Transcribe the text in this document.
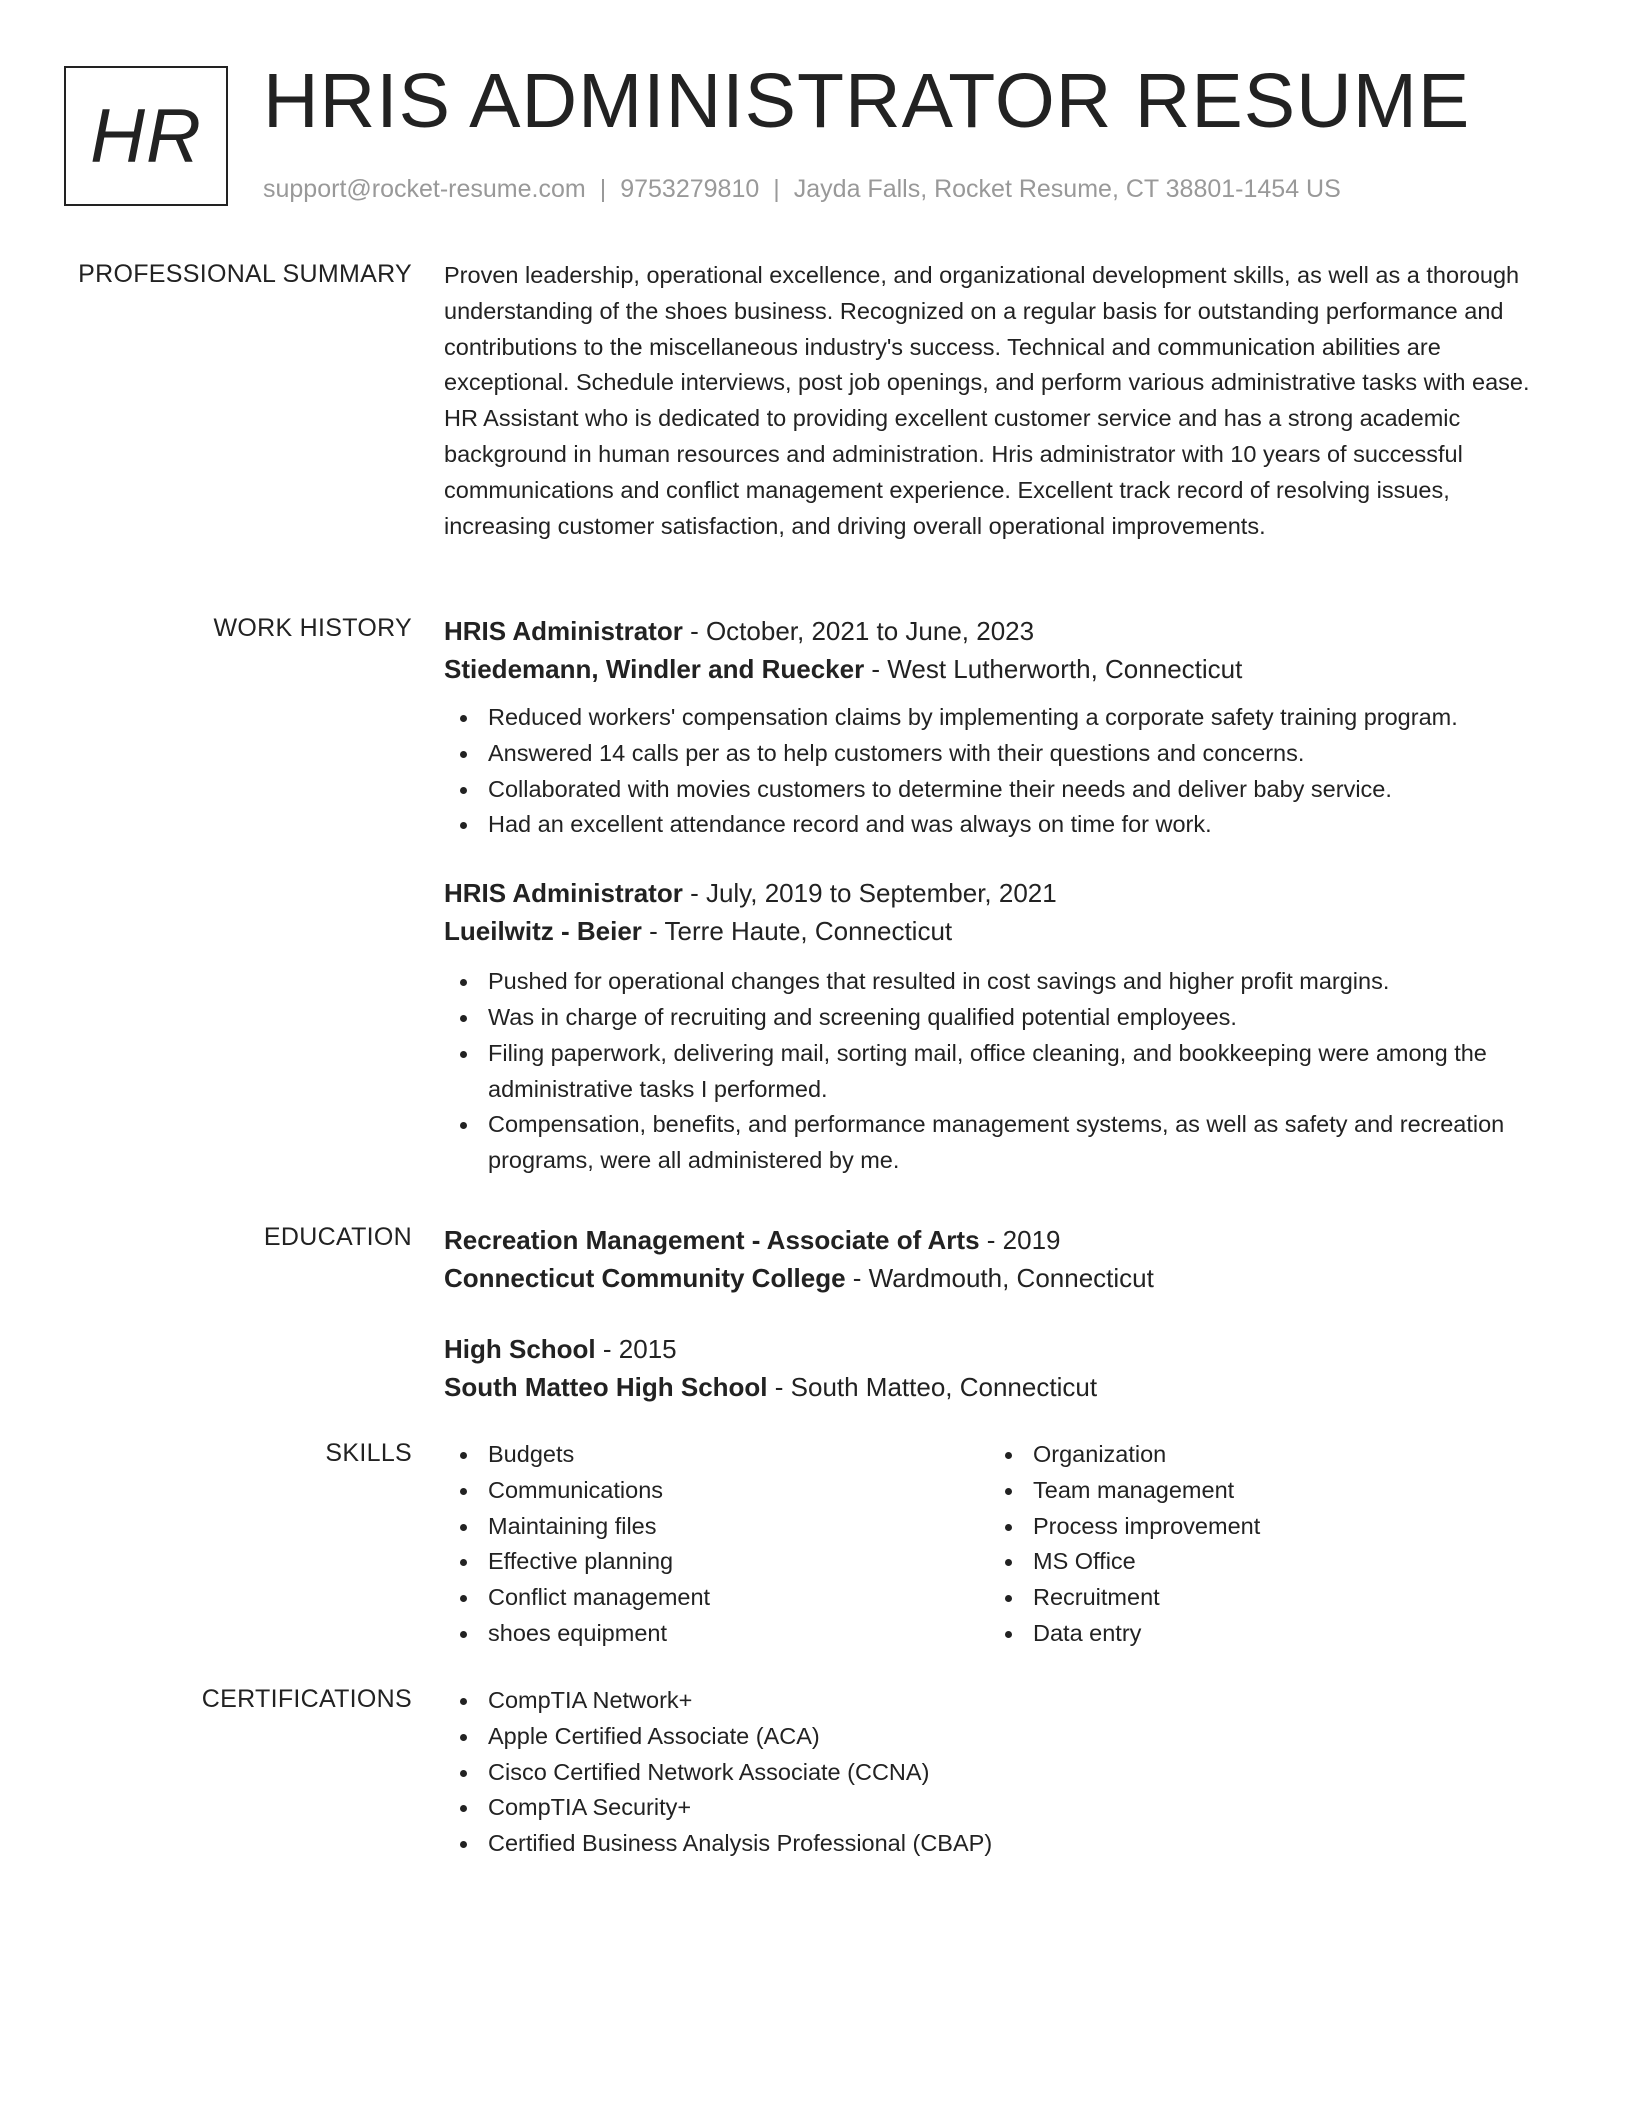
HR HRIS ADMINISTRATOR RESUME
support@rocket-resume.com | 9753279810 | Jayda Falls, Rocket Resume, CT 38801-1454 US
PROFESSIONAL SUMMARY Proven leadership, operational excellence, and organizational development skills, as well as a thorough understanding of the shoes business. Recognized on a regular basis for outstanding performance and contributions to the miscellaneous industry's success. Technical and communication abilities are exceptional. Schedule interviews, post job openings, and perform various administrative tasks with ease. HR Assistant who is dedicated to providing excellent customer service and has a strong academic background in human resources and administration. Hris administrator with 10 years of successful communications and conflict management experience. Excellent track record of resolving issues, increasing customer satisfaction, and driving overall operational improvements.

WORK HISTORY HRIS Administrator - October, 2021 to June, 2023
Stiedemann, Windler and Ruecker - West Lutherworth, Connecticut
Reduced workers' compensation claims by implementing a corporate safety training program.
Answered 14 calls per as to help customers with their questions and concerns.
Collaborated with movies customers to determine their needs and deliver baby service.
Had an excellent attendance record and was always on time for work.
HRIS Administrator - July, 2019 to September, 2021
Lueilwitz - Beier - Terre Haute, Connecticut
Pushed for operational changes that resulted in cost savings and higher profit margins.
Was in charge of recruiting and screening qualified potential employees.
Filing paperwork, delivering mail, sorting mail, office cleaning, and bookkeeping were among the administrative tasks I performed.
Compensation, benefits, and performance management systems, as well as safety and recreation programs, were all administered by me.
EDUCATION Recreation Management - Associate of Arts - 2019
Connecticut Community College - Wardmouth, Connecticut
High School - 2015
South Matteo High School - South Matteo, Connecticut
SKILLS	Budgets
Communications
Maintaining files
Effective planning
Conflict management
shoes equipment
Organization
Team management
Process improvement
MS Office
Recruitment
Data entry
CERTIFICATIONS	CompTIA Network+
Apple Certified Associate (ACA)
Cisco Certified Network Associate (CCNA)
CompTIA Security+
Certified Business Analysis Professional (CBAP)
